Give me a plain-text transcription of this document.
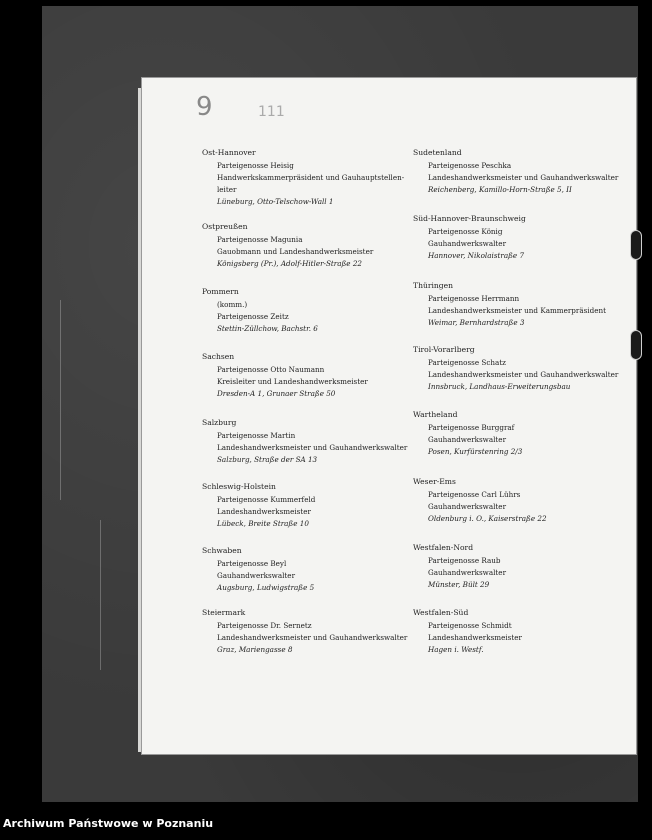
9	111
Ost-Hannover
Parteigenosse Heisig
Handwerkskammerpräsident und Gauhauptstellen-
leiter
Lüneburg, Otto-Telschow-Wall 1
Ostpreußen
Parteigenosse Magunia
Gauobmann und Landeshandwerksmeister
Königsberg (Pr.), Adolf-Hitler-Straße 22
Pommern
(komm.)
Parteigenosse Zeitz
Stettin-Züllchow, Bachstr. 6
Sachsen
Parteigenosse Otto Naumann
Kreisleiter und Landeshandwerksmeister
Dresden-A 1, Grunaer Straße 50
Salzburg
Parteigenosse Martin
Landeshandwerksmeister und Gauhandwerkswalter
Salzburg, Straße der SA 13
Schleswig-Holstein
Parteigenosse Kummerfeld
Landeshandwerksmeister
Lübeck, Breite Straße 10
Schwaben
Parteigenosse Beyl
Gauhandwerkswalter
Augsburg, Ludwigstraße 5
Steiermark
Parteigenosse Dr. Sernetz
Landeshandwerksmeister und Gauhandwerkswalter
Graz, Mariengasse 8
Sudetenland
Parteigenosse Peschka
Landeshandwerksmeister und Gauhandwerkswalter
Reichenberg, Kamillo-Horn-Straße 5, II
Süd-Hannover-Braunschweig
Parteigenosse König
Gauhandwerkswalter
Hannover, Nikolaistraße 7
Thüringen
Parteigenosse Herrmann
Landeshandwerksmeister und Kammerpräsident
Weimar, Bernhardstraße 3
Tirol-Vorarlberg
Parteigenosse Schatz
Landeshandwerksmeister und Gauhandwerkswalter
Innsbruck, Landhaus-Erweiterungsbau
Wartheland
Parteigenosse Burggraf
Gauhandwerkswalter
Posen, Kurfürstenring 2/3
Weser-Ems
Parteigenosse Carl Lührs
Gauhandwerkswalter
Oldenburg i. O., Kaiserstraße 22
Westfalen-Nord
Parteigenosse Raub
Gauhandwerkswalter
Münster, Bült 29
Westfalen-Süd
Parteigenosse Schmidt
Landeshandwerksmeister
Hagen i. Westf.
Archiwum Państwowe w Poznaniu
